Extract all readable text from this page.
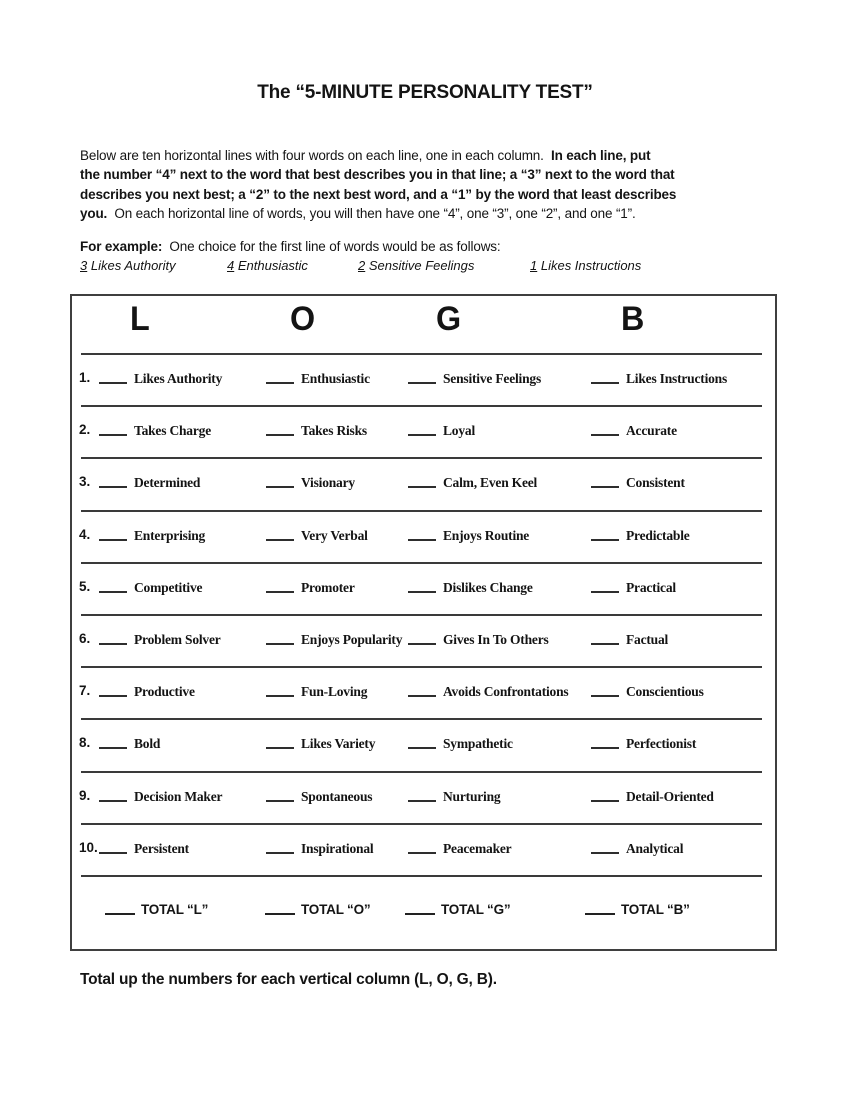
The “5-MINUTE PERSONALITY TEST”
Below are ten horizontal lines with four words on each line, one in each column.  In each line, put
the number “4” next to the word that best describes you in that line; a “3” next to the word that
describes you next best; a “2” to the next best word, and a “1” by the word that least describes
you.  On each horizontal line of words, you will then have one “4”, one “3”, one “2”, and one “1”.
For example:  One choice for the first line of words would be as follows:
3 Likes Authority	4 Enthusiastic	2 Sensitive Feelings	1 Likes Instructions
L	O	G	B
1.	Likes Authority	Enthusiastic	Sensitive Feelings	Likes Instructions
2.	Takes Charge	Takes Risks	Loyal	Accurate
3.	Determined	Visionary	Calm, Even Keel	Consistent
4.	Enterprising	Very Verbal	Enjoys Routine	Predictable
5.	Competitive	Promoter	Dislikes Change	Practical
6.	Problem Solver	Enjoys Popularity	Gives In To Others	Factual
7.	Productive	Fun-Loving	Avoids Confrontations	Conscientious
8.	Bold	Likes Variety	Sympathetic	Perfectionist
9.	Decision Maker	Spontaneous	Nurturing	Detail-Oriented
10.	Persistent	Inspirational	Peacemaker	Analytical
TOTAL “L”	TOTAL “O”	TOTAL “G”	TOTAL “B”

Total up the numbers for each vertical column (L, O, G, B).
